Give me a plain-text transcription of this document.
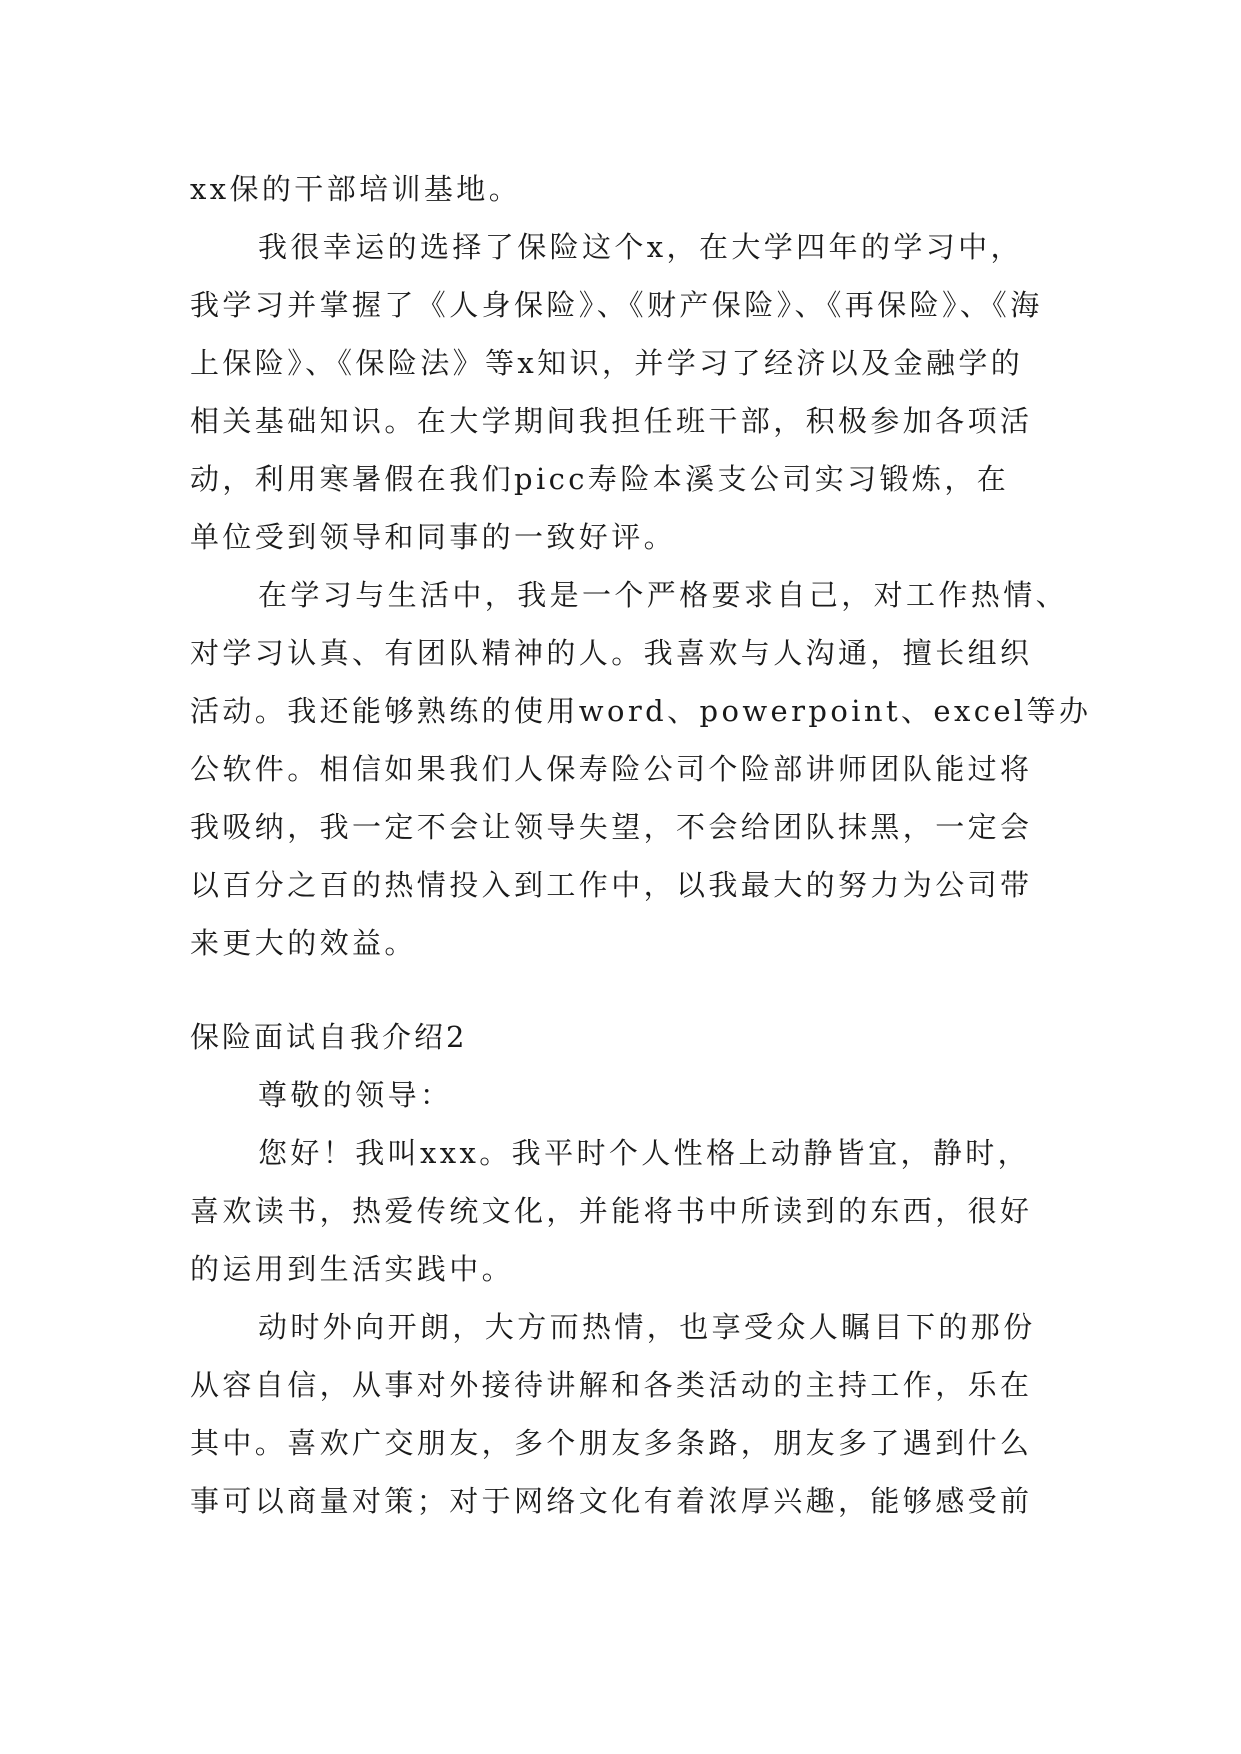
xx保的干部培训基地。
我很幸运的选择了保险这个x，在大学四年的学习中，
我学习并掌握了《人身保险》、《财产保险》、《再保险》、《海
上保险》、《保险法》等x知识，并学习了经济以及金融学的
相关基础知识。在大学期间我担任班干部，积极参加各项活
动，利用寒暑假在我们picc寿险本溪支公司实习锻炼，在
单位受到领导和同事的一致好评。
在学习与生活中，我是一个严格要求自己，对工作热情、
对学习认真、有团队精神的人。我喜欢与人沟通，擅长组织
活动。我还能够熟练的使用word、powerpoint、excel等办
公软件。相信如果我们人保寿险公司个险部讲师团队能过将
我吸纳，我一定不会让领导失望，不会给团队抹黑，一定会
以百分之百的热情投入到工作中，以我最大的努力为公司带
来更大的效益。
保险面试自我介绍2
尊敬的领导：
您好！我叫xxx。我平时个人性格上动静皆宜，静时，
喜欢读书，热爱传统文化，并能将书中所读到的东西，很好
的运用到生活实践中。
动时外向开朗，大方而热情，也享受众人瞩目下的那份
从容自信，从事对外接待讲解和各类活动的主持工作，乐在
其中。喜欢广交朋友，多个朋友多条路，朋友多了遇到什么
事可以商量对策；对于网络文化有着浓厚兴趣，能够感受前
